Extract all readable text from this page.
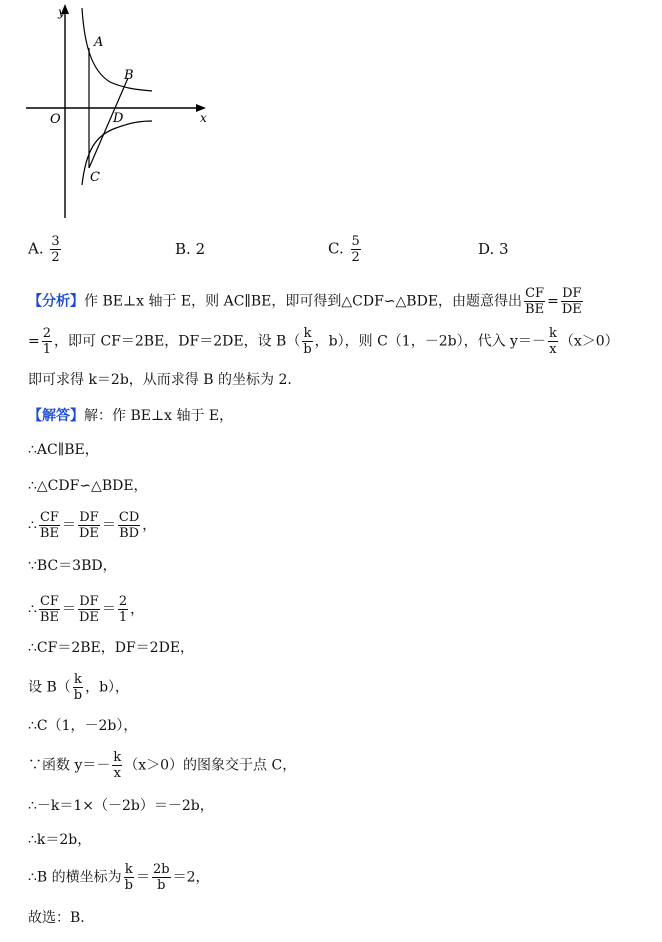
y
x
O
A
B
D
C
A. $\frac{3}{2}$	B. 2	C. $\frac{5}{2}$	D. 3
【分析】作 BE⊥x 轴于 E，则 AC∥BE，即可得到△CDF∽△BDE，由题意得出 $\frac{CF}{BE} = \frac{DF}{DE}$
= $\frac{2}{1}$ ，即可 CF＝2BE，DF＝2DE，设 $B( \frac{k}{b}$ ，b），则 C（1，－2b），代入 $y=- \frac{k}{x} (x>0)$
即可求得 k＝2b，从而求得 B 的坐标为 2.
【解答】解：作 BE⊥x 轴于 E，
∴AC∥BE，
∴△CDF∽△BDE，
∴ $\frac{CF}{BE} = \frac{DF}{DE} = \frac{CD}{BD}$ ，
∵BC＝3BD，
∴ $\frac{CF}{BE} = \frac{DF}{DE} = \frac{2}{1}$ ，
∴CF＝2BE，DF＝2DE，
设 $B( \frac{k}{b}$ ，b），
∴C（1，－2b），
∵函数 $y=- \frac{k}{x} (x>0)$的图象交于点 C，
∴－k＝1×（－2b）＝－2b，
∴k＝2b，
∴B 的横坐标为 $\frac{k}{b} = \frac{2b}{b} =2$，
故选：B.
